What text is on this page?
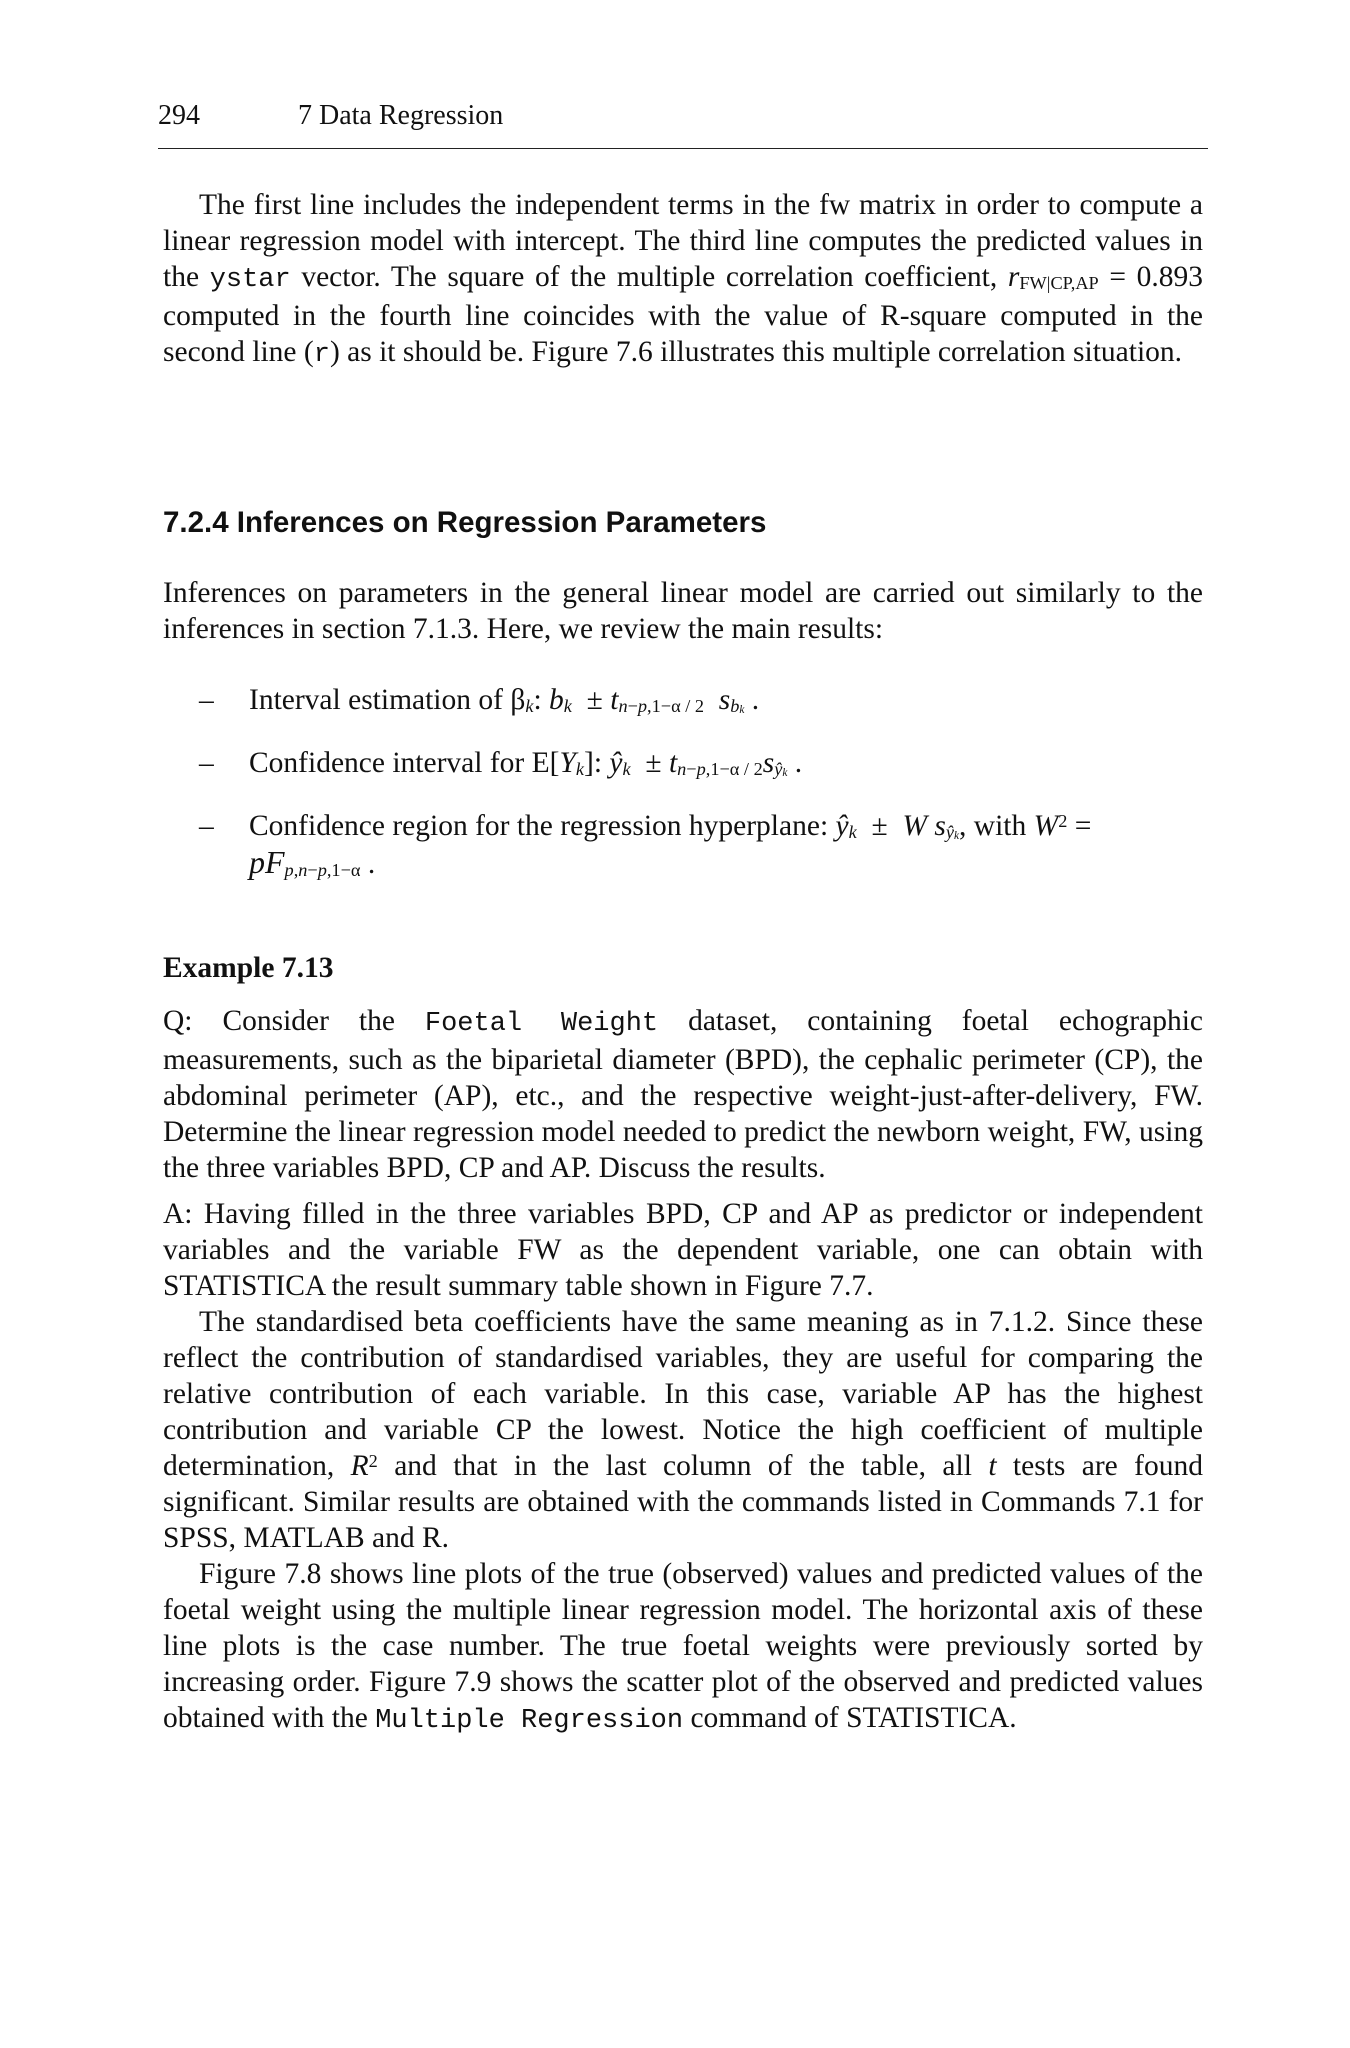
294	7 Data Regression

The first line includes the independent terms in the fw matrix in order to compute a linear regression model with intercept. The third line computes the predicted values in the ystar vector. The square of the multiple correlation coefficient, $r_{FW|CP,AP} = 0.893$ computed in the fourth line coincides with the value of R-square computed in the second line (r) as it should be. Figure 7.6 illustrates this multiple correlation situation.

7.2.4 Inferences on Regression Parameters

Inferences on parameters in the general linear model are carried out similarly to the inferences in section 7.1.3. Here, we review the main results:

– Interval estimation of $\beta_k$: $b_k \pm t_{n-p,1-\alpha / 2}$ $s_{b_k}$ .
– Confidence interval for $E[Y_k]$: $ŷ_k \pm t_{n-p,1-\alpha / 2}s_{ŷ_k}$ .
– Confidence region for the regression hyperplane: $ŷ_k \pm W$ $s_{ŷ_k}$, with $W^2$ =
$pF_{p,n-p,1-\alpha}$ .
Example 7.13

Q: Consider the Foetal Weight dataset, containing foetal echographic measurements, such as the biparietal diameter (BPD), the cephalic perimeter (CP), the abdominal perimeter (AP), etc., and the respective weight-just-after-delivery, FW. Determine the linear regression model needed to predict the newborn weight, FW, using the three variables BPD, CP and AP. Discuss the results.

A: Having filled in the three variables BPD, CP and AP as predictor or independent variables and the variable FW as the dependent variable, one can obtain with STATISTICA the result summary table shown in Figure 7.7.

The standardised beta coefficients have the same meaning as in 7.1.2. Since these reflect the contribution of standardised variables, they are useful for comparing the relative contribution of each variable. In this case, variable AP has the highest contribution and variable CP the lowest. Notice the high coefficient of multiple determination, $R^2$ and that in the last column of the table, all t tests are found significant. Similar results are obtained with the commands listed in Commands 7.1 for SPSS, MATLAB and R.

Figure 7.8 shows line plots of the true (observed) values and predicted values of the foetal weight using the multiple linear regression model. The horizontal axis of these line plots is the case number. The true foetal weights were previously sorted by increasing order. Figure 7.9 shows the scatter plot of the observed and predicted values obtained with the Multiple Regression command of STATISTICA.
